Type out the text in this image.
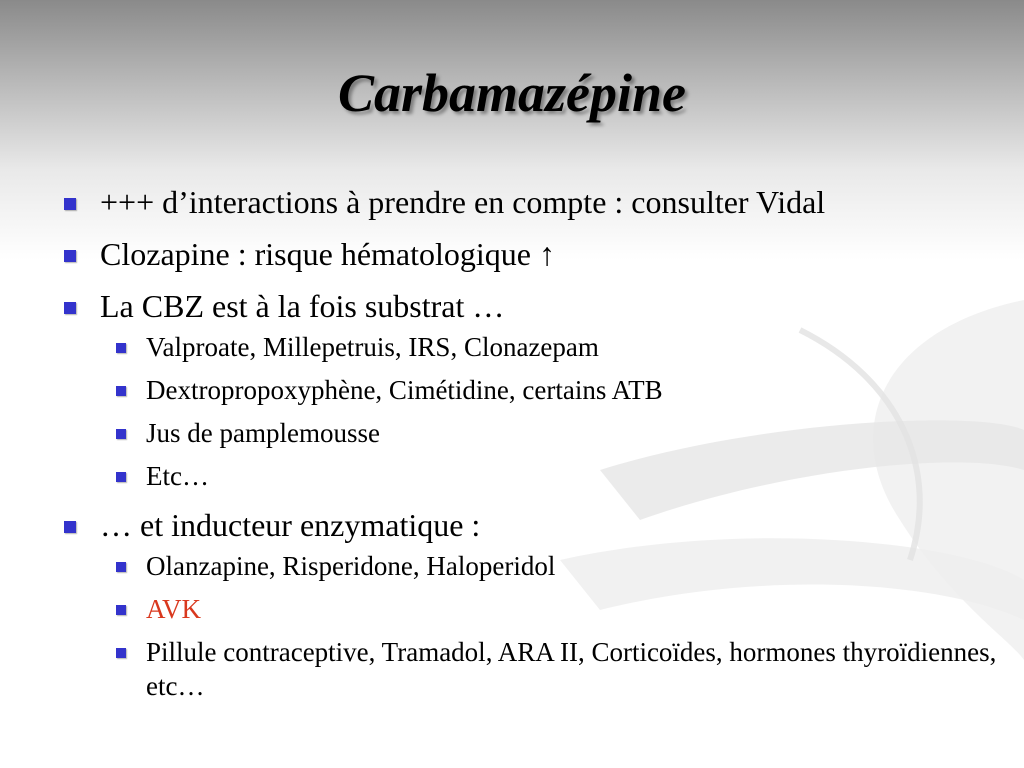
Carbamazépine
+++ d’interactions à prendre en compte : consulter Vidal
Clozapine : risque hématologique ↑
La CBZ est à la fois substrat …
Valproate, Millepetruis, IRS, Clonazepam
Dextropropoxyphène, Cimétidine, certains ATB
Jus de pamplemousse
Etc…
… et inducteur enzymatique :
Olanzapine, Risperidone, Haloperidol
AVK
Pillule contraceptive, Tramadol, ARA II, Corticoïdes, hormones thyroïdiennes, etc…
